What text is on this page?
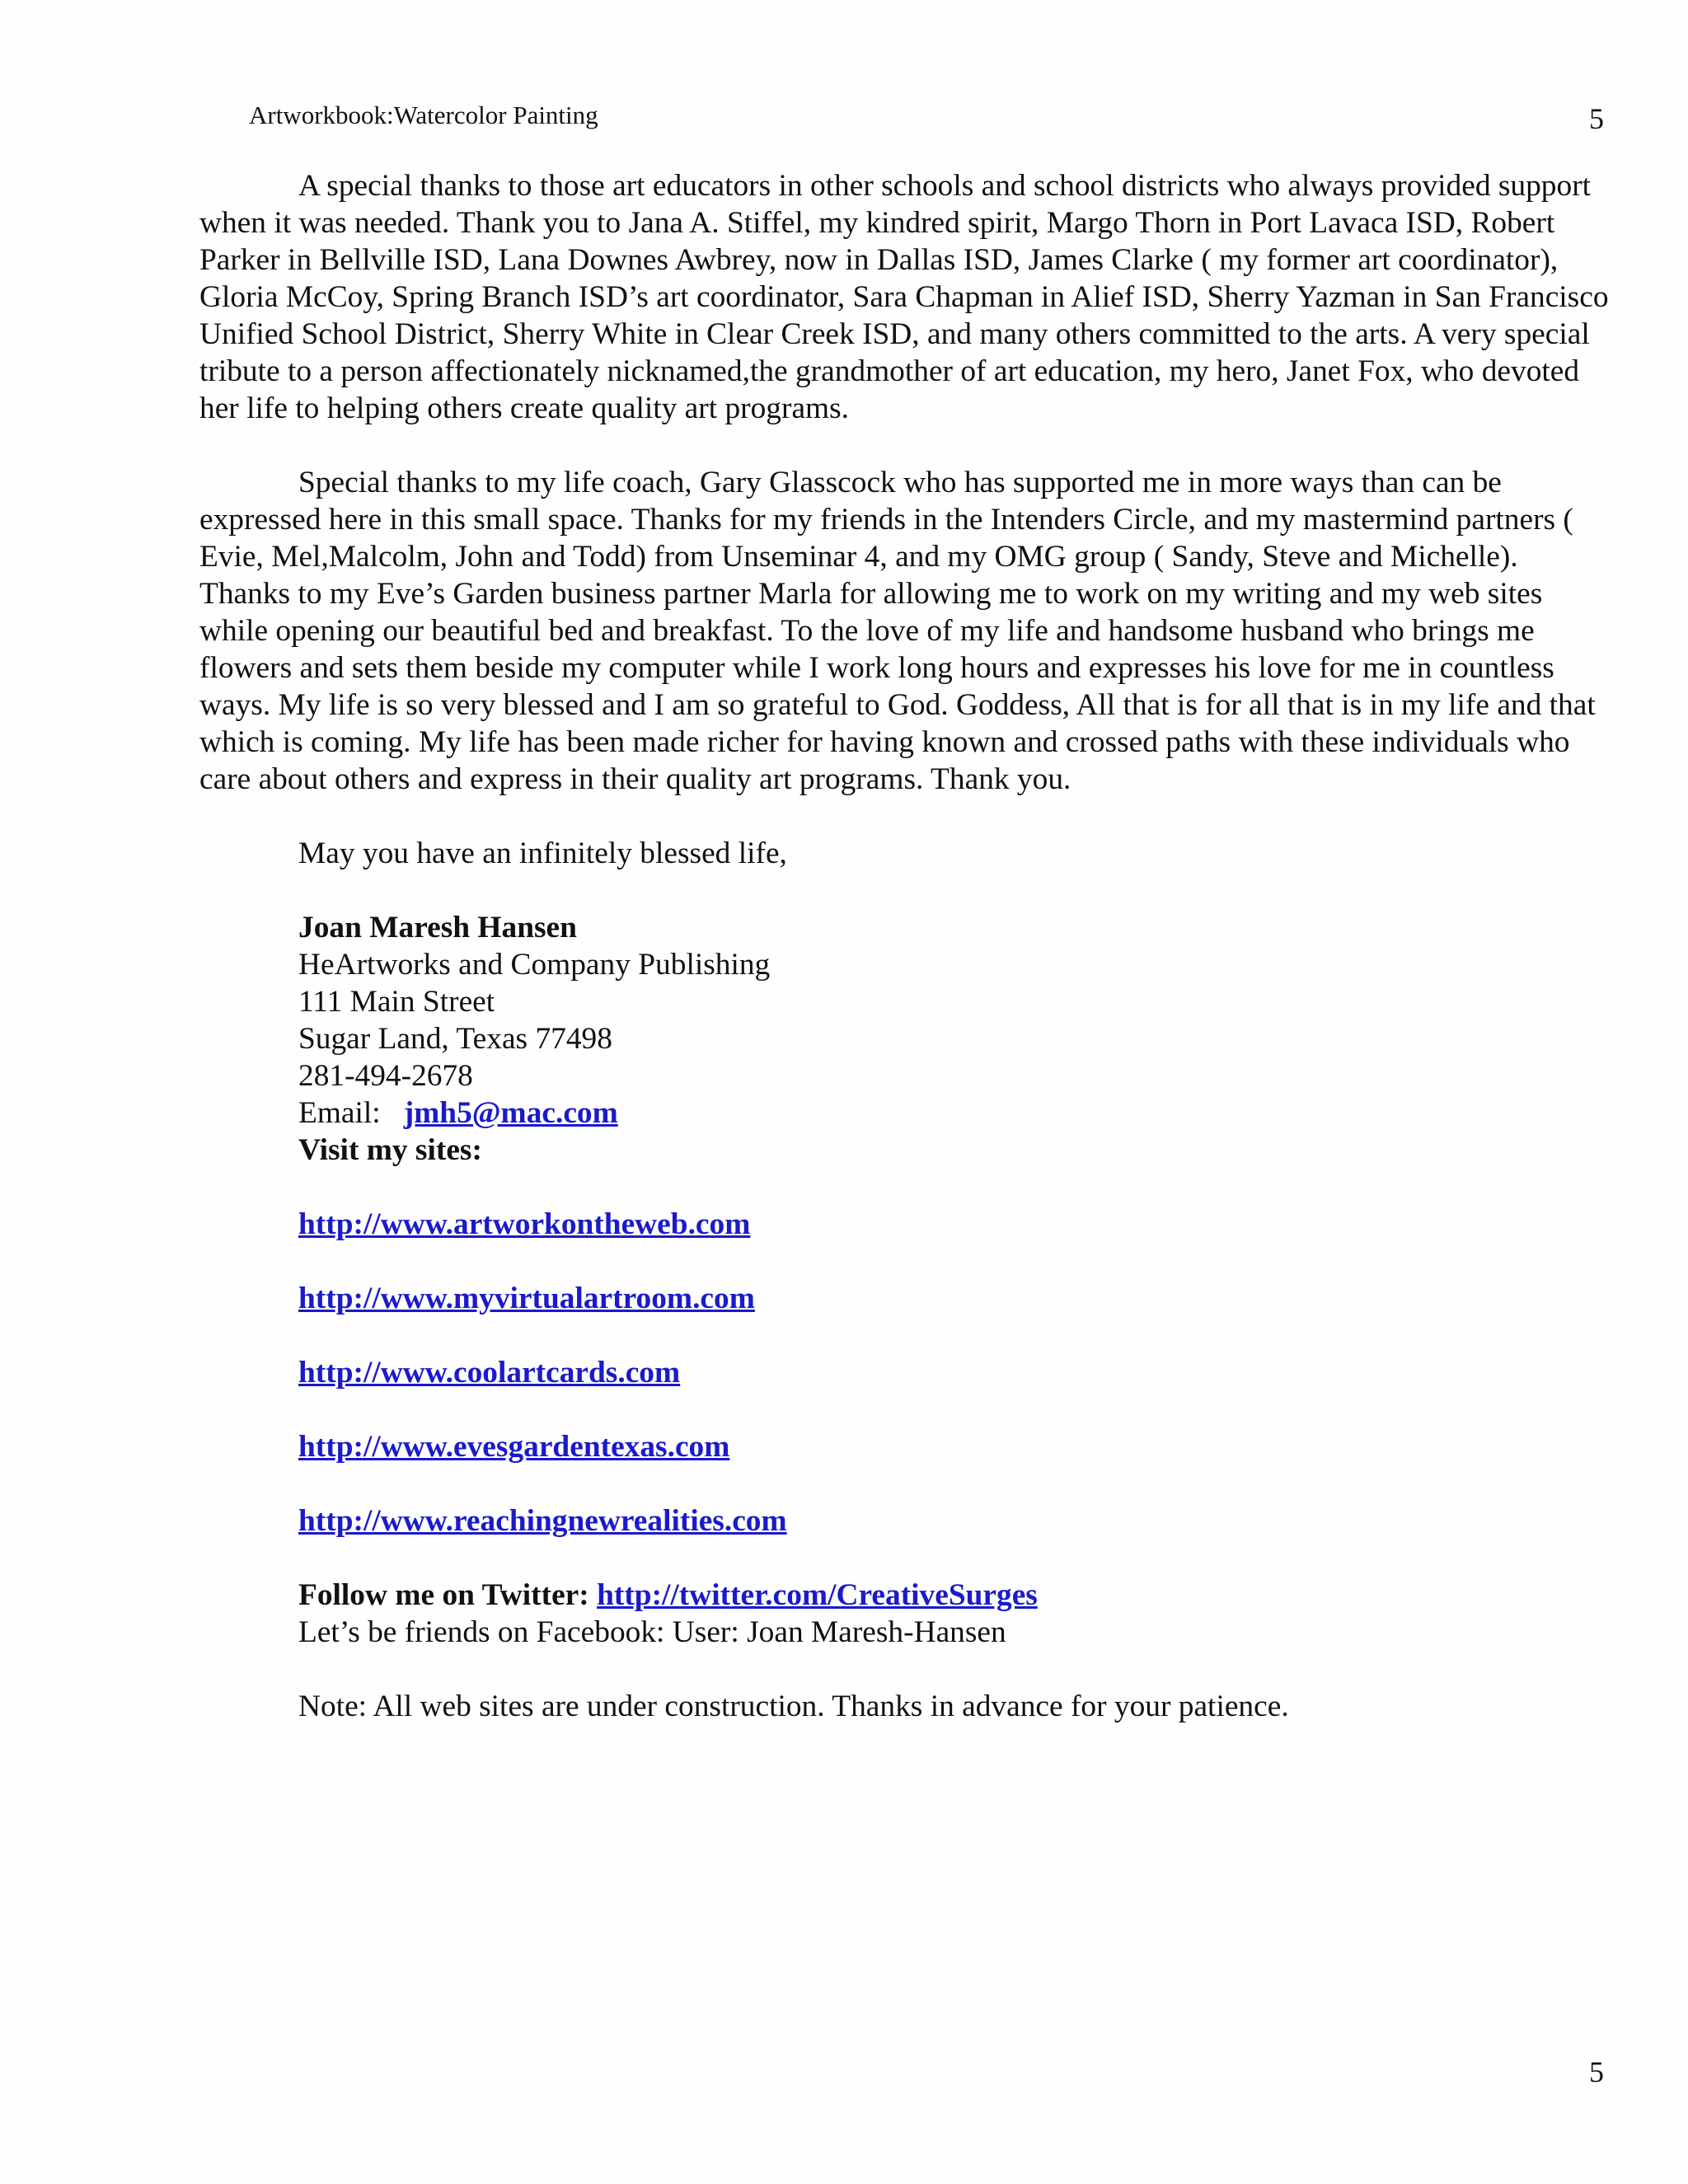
Artworkbook:Watercolor Painting	5

A special thanks to those art educators in other schools and school districts who always provided support when it was needed. Thank you to Jana A. Stiffel, my kindred spirit, Margo Thorn in Port Lavaca ISD, Robert Parker in Bellville ISD, Lana Downes Awbrey, now in Dallas ISD, James Clarke ( my former art coordinator), Gloria McCoy, Spring Branch ISD’s art coordinator, Sara Chapman in Alief ISD, Sherry Yazman in San Francisco Unified School District, Sherry White in Clear Creek ISD, and many others committed to the arts. A very special tribute to a person affectionately nicknamed,the grandmother of art education, my hero, Janet Fox, who devoted her life to helping others create quality art programs.

Special thanks to my life coach, Gary Glasscock who has supported me in more ways than can be expressed here in this small space. Thanks for my friends in the Intenders Circle, and my mastermind partners ( Evie, Mel,Malcolm, John and Todd) from Unseminar 4, and my OMG group ( Sandy, Steve and Michelle). Thanks to my Eve’s Garden business partner Marla for allowing me to work on my writing and my web sites while opening our beautiful bed and breakfast. To the love of my life and handsome husband who brings me flowers and sets them beside my computer while I work long hours and expresses his love for me in countless ways. My life is so very blessed and I am so grateful to God. Goddess, All that is for all that is in my life and that which is coming. My life has been made richer for having known and crossed paths with these individuals who care about others and express in their quality art programs. Thank you.

May you have an infinitely blessed life,

Joan Maresh Hansen

HeArtworks and Company Publishing

111 Main Street

Sugar Land, Texas 77498

281-494-2678

Email: jmh5@mac.com

Visit my sites:

http://www.artworkontheweb.com

http://www.myvirtualartroom.com

http://www.coolartcards.com

http://www.evesgardentexas.com

http://www.reachingnewrealities.com

Follow me on Twitter: http://twitter.com/CreativeSurges

Let’s be friends on Facebook: User: Joan Maresh-Hansen

Note: All web sites are under construction. Thanks in advance for your patience.

5
